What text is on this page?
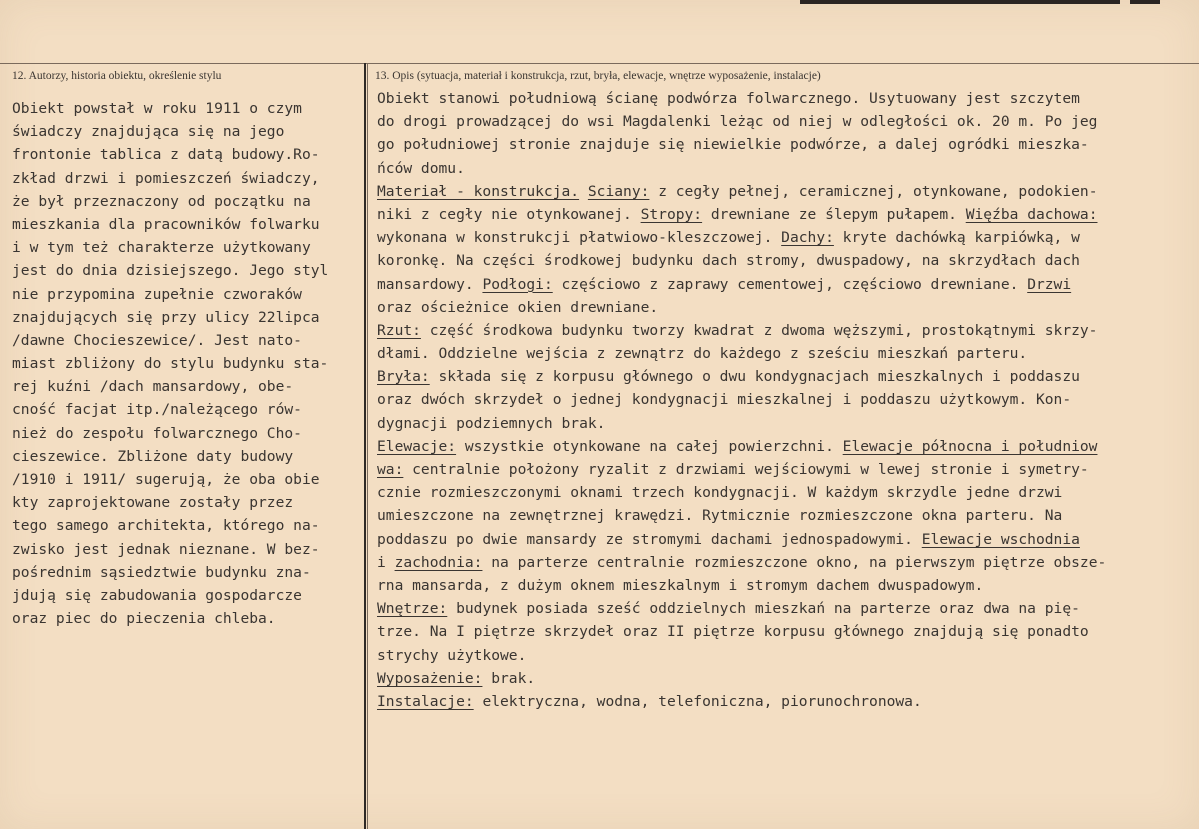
12. Autorzy, historia obiektu, określenie stylu	13. Opis (sytuacja, materiał i konstrukcja, rzut, bryła, elewacje, wnętrze wyposażenie, instalacje)
Obiekt powstał w roku 1911 o czym
świadczy znajdująca się na jego
frontonie tablica z datą budowy.Ro-
zkład drzwi i pomieszczeń świadczy,
że był przeznaczony od początku na
mieszkania dla pracowników folwarku
i w tym też charakterze użytkowany
jest do dnia dzisiejszego. Jego styl
nie przypomina zupełnie czworaków
znajdujących się przy ulicy 22lipca
/dawne Chocieszewice/. Jest nato-
miast zbliżony do stylu budynku sta-
rej kuźni /dach mansardowy, obe-
cność facjat itp./należącego rów-
nież do zespołu folwarcznego Cho-
cieszewice. Zbliżone daty budowy
/1910 i 1911/ sugerują, że oba obie
kty zaprojektowane zostały przez
tego samego architekta, którego na-
zwisko jest jednak nieznane. W bez-
pośrednim sąsiedztwie budynku zna-
jdują się zabudowania gospodarcze
oraz piec do pieczenia chleba.
Obiekt stanowi południową ścianę podwórza folwarcznego. Usytuowany jest szczytem
do drogi prowadzącej do wsi Magdalenki leżąc od niej w odległości ok. 20 m. Po jeg
go południowej stronie znajduje się niewielkie podwórze, a dalej ogródki mieszka-
ńców domu.
Materiał - konstrukcja. Sciany: z cegły pełnej, ceramicznej, otynkowane, podokien-
niki z cegły nie otynkowanej. Stropy: drewniane ze ślepym pułapem. Więźba dachowa:
wykonana w konstrukcji płatwiowo-kleszczowej. Dachy: kryte dachówką karpiówką, w
koronkę. Na części środkowej budynku dach stromy, dwuspadowy, na skrzydłach dach
mansardowy. Podłogi: częściowo z zaprawy cementowej, częściowo drewniane. Drzwi
oraz ościeżnice okien drewniane.
Rzut: część środkowa budynku tworzy kwadrat z dwoma węższymi, prostokątnymi skrzy-
dłami. Oddzielne wejścia z zewnątrz do każdego z sześciu mieszkań parteru.
Bryła: składa się z korpusu głównego o dwu kondygnacjach mieszkalnych i poddaszu
oraz dwóch skrzydeł o jednej kondygnacji mieszkalnej i poddaszu użytkowym. Kon-
dygnacji podziemnych brak.
Elewacje: wszystkie otynkowane na całej powierzchni. Elewacje północna i południow
wa: centralnie położony ryzalit z drzwiami wejściowymi w lewej stronie i symetry-
cznie rozmieszczonymi oknami trzech kondygnacji. W każdym skrzydle jedne drzwi
umieszczone na zewnętrznej krawędzi. Rytmicznie rozmieszczone okna parteru. Na
poddaszu po dwie mansardy ze stromymi dachami jednospadowymi. Elewacje wschodnia
i zachodnia: na parterze centralnie rozmieszczone okno, na pierwszym piętrze obsze-
rna mansarda, z dużym oknem mieszkalnym i stromym dachem dwuspadowym.
Wnętrze: budynek posiada sześć oddzielnych mieszkań na parterze oraz dwa na pię-
trze. Na I piętrze skrzydeł oraz II piętrze korpusu głównego znajdują się ponadto
strychy użytkowe.
Wyposażenie: brak.
Instalacje: elektryczna, wodna, telefoniczna, piorunochronowa.
